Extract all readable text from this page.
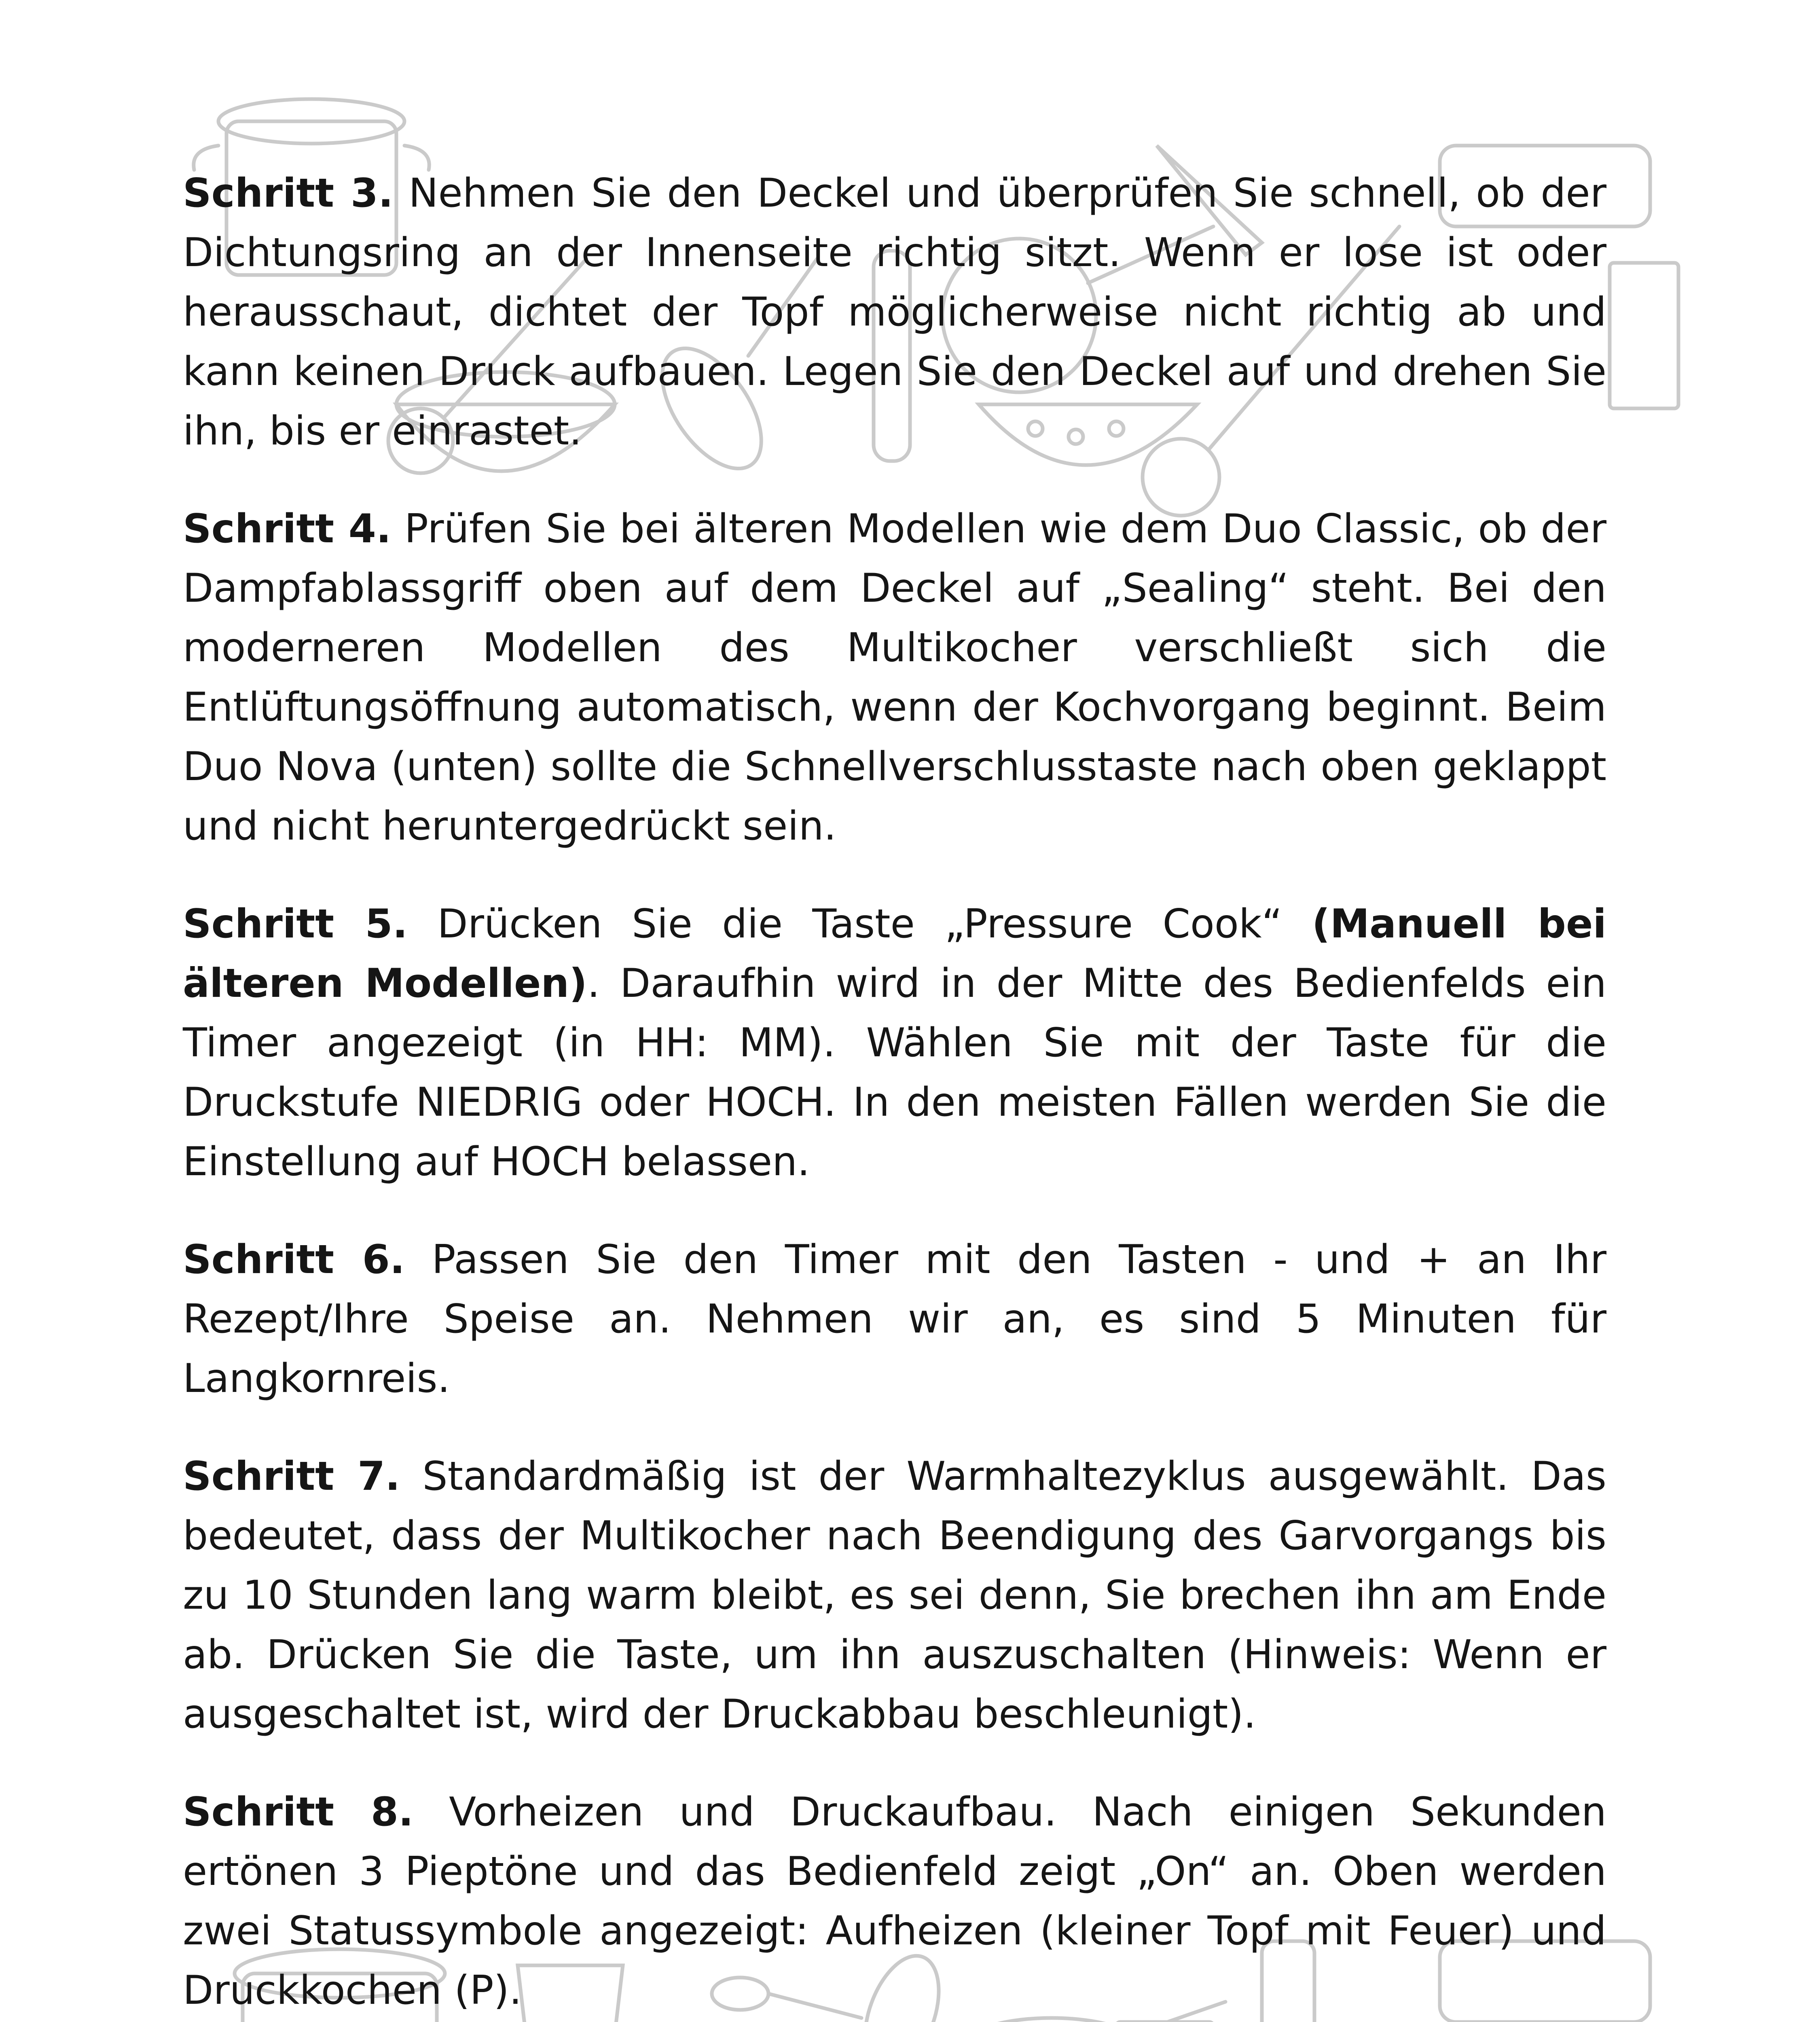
Schritt 3. Nehmen Sie den Deckel und überprüfen Sie schnell, ob der Dichtungsring an der Innenseite richtig sitzt. Wenn er lose ist oder herausschaut, dichtet der Topf möglicherweise nicht richtig ab und kann keinen Druck aufbauen. Legen Sie den Deckel auf und drehen Sie ihn, bis er einrastet.

Schritt 4. Prüfen Sie bei älteren Modellen wie dem Duo Classic, ob der Dampfablassgriff oben auf dem Deckel auf „Sealing“ steht. Bei den moderneren Modellen des Multikocher verschließt sich die Entlüftungsöffnung automatisch, wenn der Kochvorgang beginnt. Beim Duo Nova (unten) sollte die Schnellverschlusstaste nach oben geklappt und nicht heruntergedrückt sein.

Schritt 5. Drücken Sie die Taste „Pressure Cook“ (Manuell bei älteren Modellen). Daraufhin wird in der Mitte des Bedienfelds ein Timer angezeigt (in HH: MM). Wählen Sie mit der Taste für die Druckstufe NIEDRIG oder HOCH. In den meisten Fällen werden Sie die Einstellung auf HOCH belassen.

Schritt 6. Passen Sie den Timer mit den Tasten - und + an Ihr Rezept/Ihre Speise an. Nehmen wir an, es sind 5 Minuten für Langkornreis.

Schritt 7. Standardmäßig ist der Warmhaltezyklus ausgewählt. Das bedeutet, dass der Multikocher nach Beendigung des Garvorgangs bis zu 10 Stunden lang warm bleibt, es sei denn, Sie brechen ihn am Ende ab. Drücken Sie die Taste, um ihn auszuschalten (Hinweis: Wenn er ausgeschaltet ist, wird der Druckabbau beschleunigt).

Schritt 8. Vorheizen und Druckaufbau. Nach einigen Sekunden ertönen 3 Pieptöne und das Bedienfeld zeigt „On“ an. Oben werden zwei Statussymbole angezeigt: Aufheizen (kleiner Topf mit Feuer) und Druckkochen (P).
